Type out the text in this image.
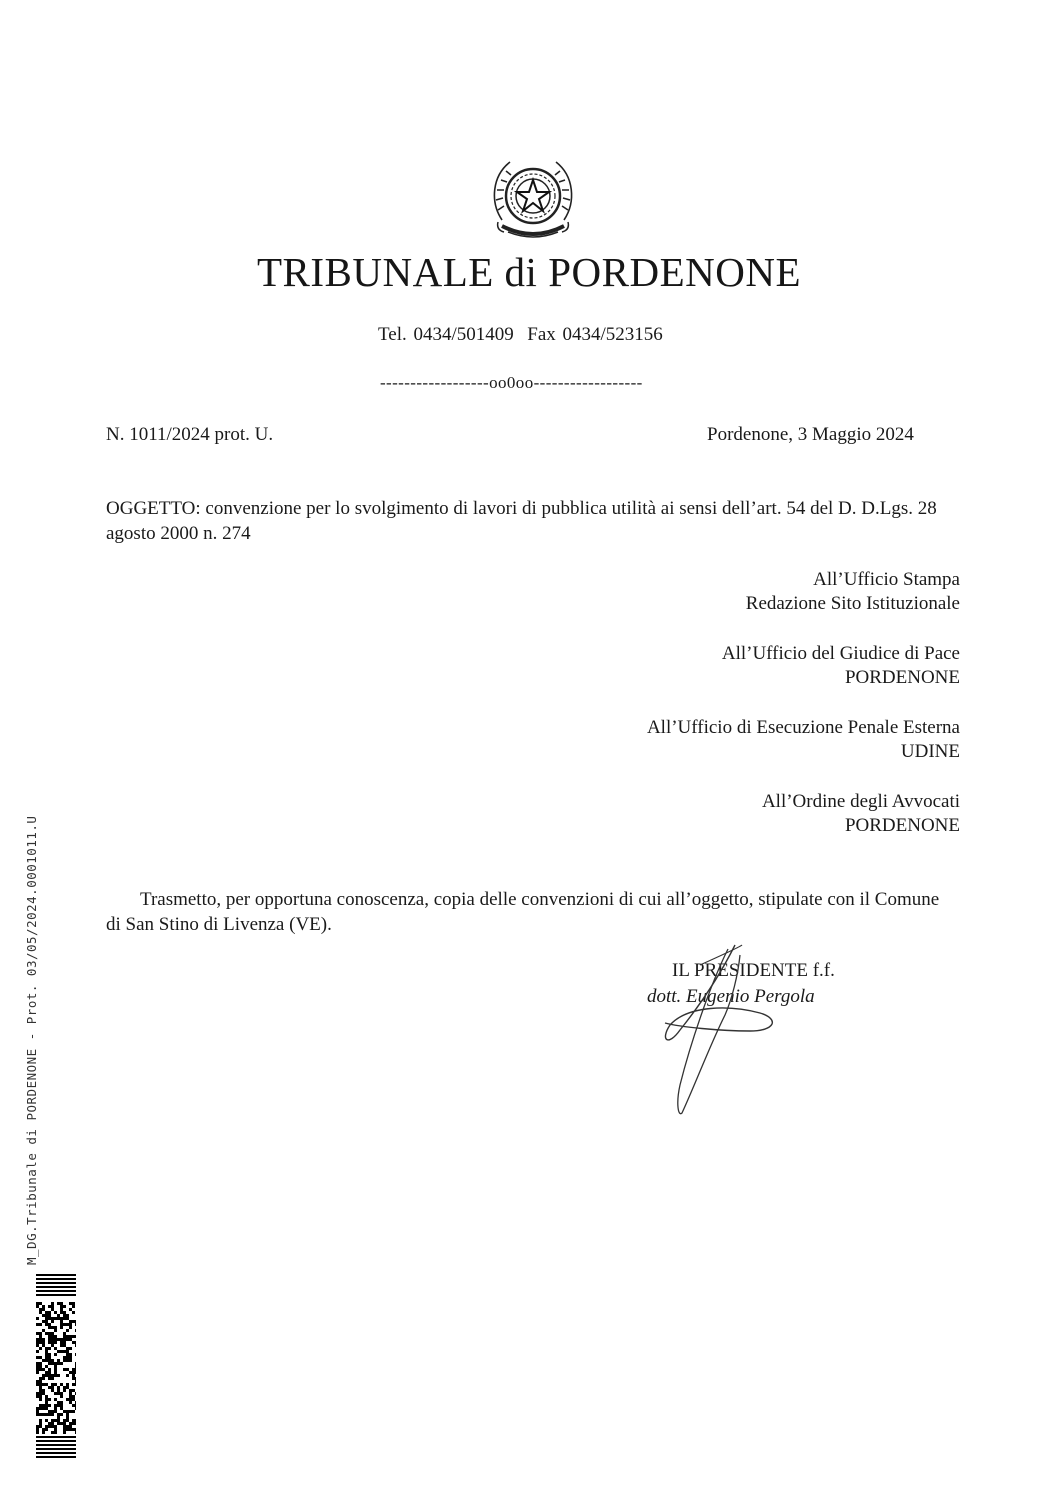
TRIBUNALE di PORDENONE
Tel. 0434/501409  Fax 0434/523156
------------------oo0oo------------------
N. 1011/2024 prot. U.	Pordenone, 3 Maggio 2024
OGGETTO: convenzione per lo svolgimento di lavori di pubblica utilità ai sensi dell’art. 54 del D. D.Lgs. 28 agosto 2000 n. 274
All’Ufficio Stampa
Redazione Sito Istituzionale
All’Ufficio del Giudice di Pace
PORDENONE
All’Ufficio di Esecuzione Penale Esterna
UDINE
All’Ordine degli Avvocati
PORDENONE
Trasmetto, per opportuna conoscenza, copia delle convenzioni di cui all’oggetto, stipulate con il Comune di San Stino di Livenza (VE).
IL PRESIDENTE f.f.
dott. Eugenio Pergola
M_DG.Tribunale di PORDENONE - Prot. 03/05/2024.0001011.U
